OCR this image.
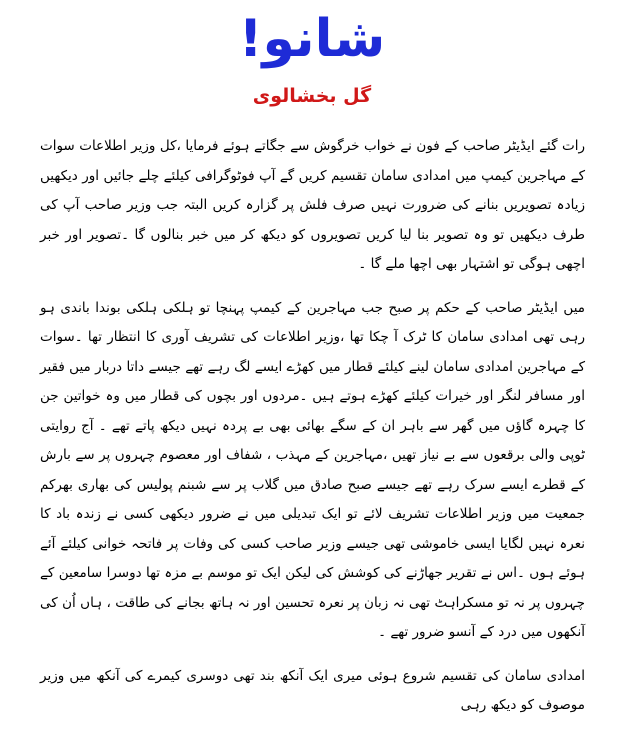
شانو!
گل بخشالوی

رات گئے ایڈیٹر صاحب کے فون نے خواب خرگوش سے جگاتے ہوئے فرمایا ،کل وزیر اطلاعات سوات کے مہاجرین کیمپ میں امدادی سامان تقسیم کریں گے آپ فوٹوگرافی کیلئے چلے جائیں اور دیکھیں زیادہ تصویریں بنانے کی ضرورت نہیں صرف فلش پر گزارہ کریں البتہ جب وزیر صاحب آپ کی طرف دیکھیں تو وہ تصویر بنا لیا کریں تصویروں کو دیکھ کر میں خبر بنالوں گا ۔تصویر اور خبر اچھی ہوگی تو اشتہار بھی اچھا ملے گا ۔

میں ایڈیٹر صاحب کے حکم پر صبح جب مہاجرین کے کیمپ پہنچا تو ہلکی ہلکی بوندا باندی ہو رہی تھی امدادی سامان کا ٹرک آ چکا تھا ،وزیر اطلاعات کی تشریف آوری کا انتظار تھا ۔سوات کے مہاجرین امدادی سامان لینے کیلئے قطار میں کھڑے ایسے لگ رہے تھے جیسے داتا دربار میں فقیر اور مسافر لنگر اور خیرات کیلئے کھڑے ہوتے ہیں ۔مردوں اور بچوں کی قطار میں وہ خواتین جن کا چہرہ گاؤں میں گھر سے باہر ان کے سگے بھائی بھی بے پردہ نہیں دیکھ پاتے تھے ۔ آج روایتی ٹوپی والی برقعوں سے بے نیاز تھیں ،مہاجرین کے مہذب ، شفاف اور معصوم چہروں پر سے بارش کے قطرے ایسے سرک رہے تھے جیسے صبح صادق میں گلاب پر سے شبنم پولیس کی بھاری بھرکم جمعیت میں وزیر اطلاعات تشریف لائے تو ایک تبدیلی میں نے ضرور دیکھی کسی نے زندہ باد کا نعرہ نہیں لگایا ایسی خاموشی تھی جیسے وزیر صاحب کسی کی وفات پر فاتحہ خوانی کیلئے آئے ہوئے ہوں ۔اس نے تقریر جھاڑنے کی کوشش کی لیکن ایک تو موسم بے مزہ تھا دوسرا سامعین کے چہروں پر نہ تو مسکراہٹ تھی نہ زبان پر نعرہ تحسین اور نہ ہاتھ بجانے کی طاقت ، ہاں اُن کی آنکھوں میں درد کے آنسو ضرور تھے ۔

امدادی سامان کی تقسیم شروع ہوئی میری ایک آنکھ بند تھی دوسری کیمرے کی آنکھ میں وزیر موصوف کو دیکھ رہی
